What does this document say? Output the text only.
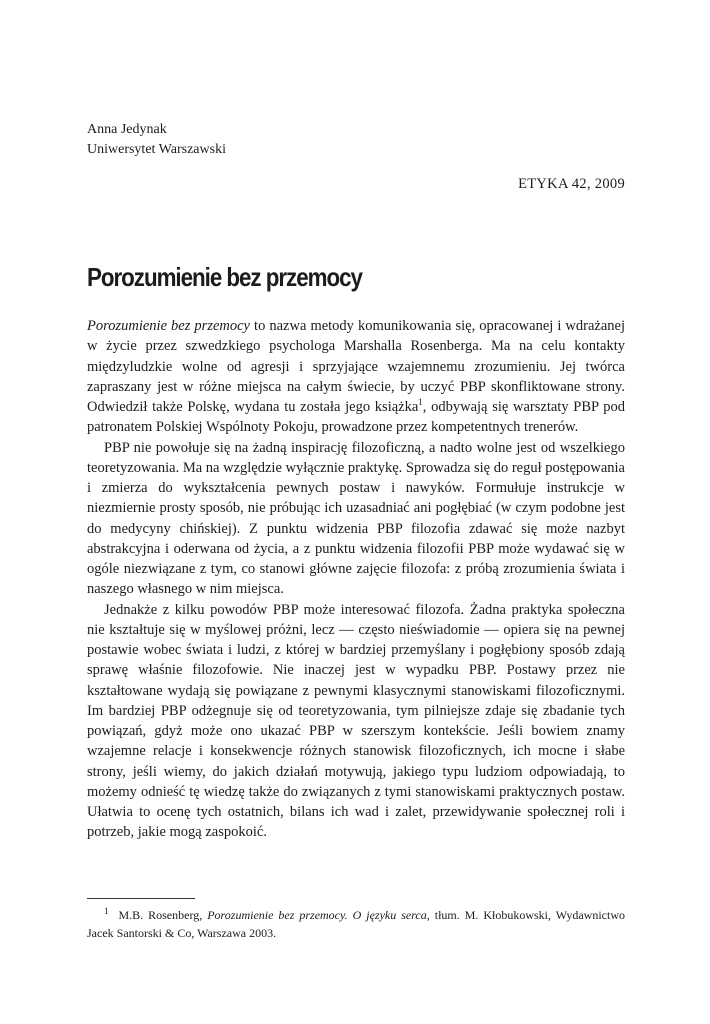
Anna Jedynak
Uniwersytet Warszawski
ETYKA 42, 2009
Porozumienie bez przemocy

Porozumienie bez przemocy to nazwa metody komunikowania się, opracowanej i wdrażanej w życie przez szwedzkiego psychologa Marshalla Rosenberga. Ma na celu kontakty międzyludzkie wolne od agresji i sprzyjające wzajemnemu zrozumieniu. Jej twórca zapraszany jest w różne miejsca na całym świecie, by uczyć PBP skonfliktowane strony. Odwiedził także Polskę, wydana tu została jego książka$^1$, odbywają się warsztaty PBP pod patronatem Polskiej Wspólnoty Pokoju, prowadzone przez kompetentnych trenerów.

PBP nie powołuje się na żadną inspirację filozoficzną, a nadto wolne jest od wszelkiego teoretyzowania. Ma na względzie wyłącznie praktykę. Sprowadza się do reguł postępowania i zmierza do wykształcenia pewnych postaw i nawyków. Formułuje instrukcje w niezmiernie prosty sposób, nie próbując ich uzasadniać ani pogłębiać (w czym podobne jest do medycyny chińskiej). Z punktu widzenia PBP filozofia zdawać się może nazbyt abstrakcyjna i oderwana od życia, a z punktu widzenia filozofii PBP może wydawać się w ogóle niezwiązane z tym, co stanowi główne zajęcie filozofa: z próbą zrozumienia świata i naszego własnego w nim miejsca.

Jednakże z kilku powodów PBP może interesować filozofa. Żadna praktyka społeczna nie kształtuje się w myślowej próżni, lecz — często nieświadomie — opiera się na pewnej postawie wobec świata i ludzi, z której w bardziej przemyślany i pogłębiony sposób zdają sprawę właśnie filozofowie. Nie inaczej jest w wypadku PBP. Postawy przez nie kształtowane wydają się powiązane z pewnymi klasycznymi stanowiskami filozoficznymi. Im bardziej PBP odżegnuje się od teoretyzowania, tym pilniejsze zdaje się zbadanie tych powiązań, gdyż może ono ukazać PBP w szerszym kontekście. Jeśli bowiem znamy wzajemne relacje i konsekwencje różnych stanowisk filozoficznych, ich mocne i słabe strony, jeśli wiemy, do jakich działań motywują, jakiego typu ludziom odpowiadają, to możemy odnieść tę wiedzę także do związanych z tymi stanowiskami praktycznych postaw. Ułatwia to ocenę tych ostatnich, bilans ich wad i zalet, przewidywanie społecznej roli i potrzeb, jakie mogą zaspokoić.

$^1$ M.B. Rosenberg, Porozumienie bez przemocy. O języku serca, tłum. M. Kłobukowski, Wydawnictwo Jacek Santorski & Co, Warszawa 2003.
